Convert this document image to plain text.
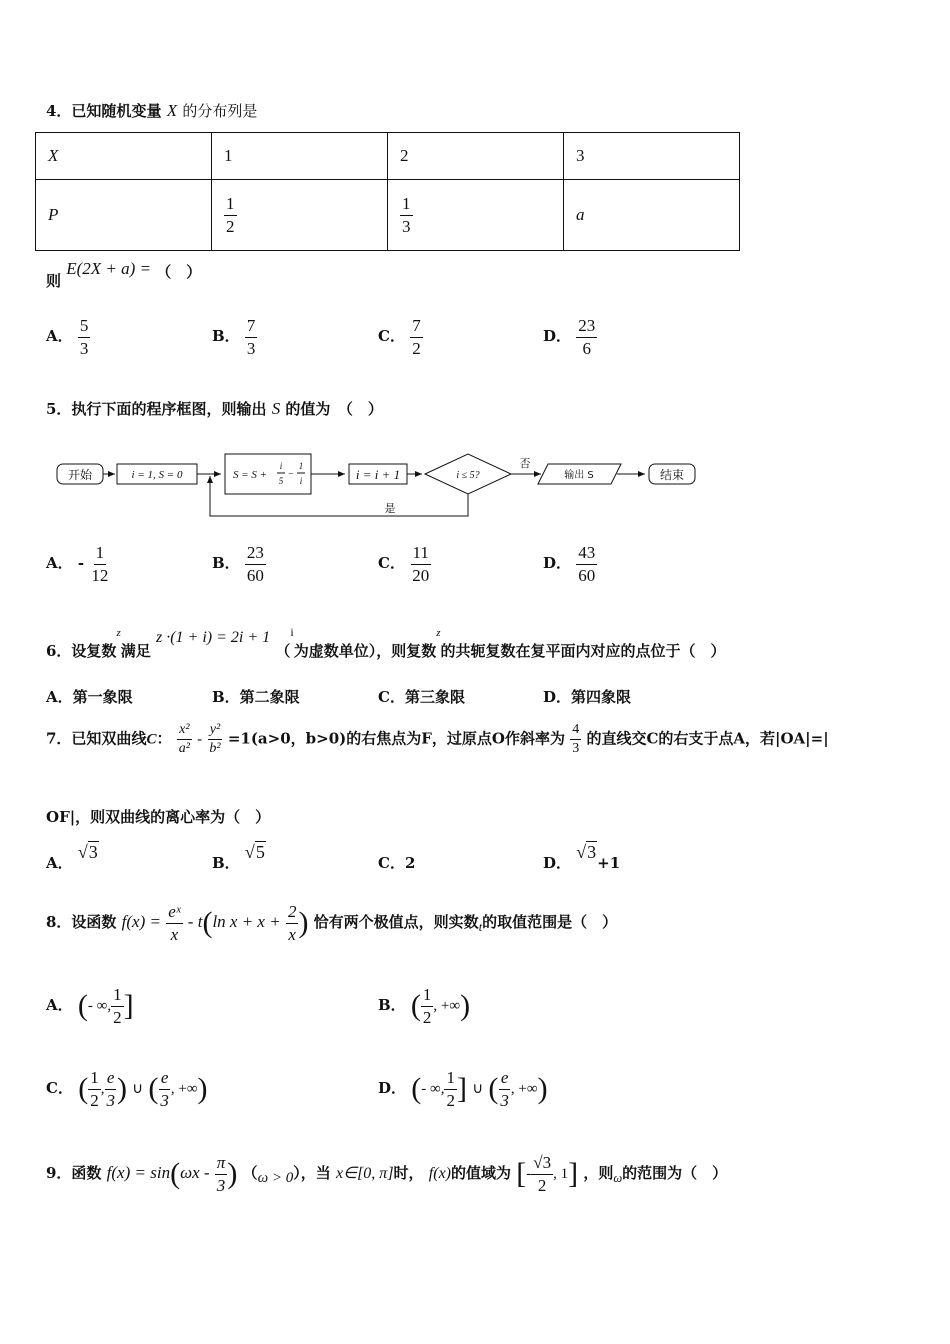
4．已知随机变量 X 的分布列是
X	1	2	3
P	$\frac{1}{2}$	$\frac{1}{3}$	a
则 E(2X + a) = （　）
A． $\frac{5}{3}$	B． $\frac{7}{3}$	C． $\frac{7}{2}$	D． $\frac{23}{6}$
5．执行下面的程序框图，则输出 S 的值为　（　）
开始	i = 1, S = 0	S = S +
i
5
−
1
i	i = i + 1	i ≤ 5?
否
输出 S	结束
是
A． - $\frac{1}{12}$	B． $\frac{23}{60}$	C． $\frac{11}{20}$	D． $\frac{43}{60}$
6．设复数$^z$满足 z ·(1 + i) = 2i + 1 （$^i$为虚数单位），则复数$^z$的共轭复数在复平面内对应的点位于（　）
A．第一象限	B．第二象限	C．第三象限	D．第四象限
7．已知双曲线C： $\frac{\text{x²}}{\text{a²}} - \frac{\text{y²}}{\text{b²}} =1(a>0$，b>0)的右焦点为F，过原点O作斜率为 $\frac{4}{3}$ 的直线交C的右支于点A，若|OA|=|
OF|，则双曲线的离心率为（　）
A． √3
B． √5
C．2	D． √3+1
8．设函数 $f(x) = \frac{\text{eˣ}}{x} - t(\ln$ $x + x + \frac{2}{x}$ ) 恰有两个极值点，则实数$_t$的取值范围是（　）
A． (- ∞, $\frac{1}{2}$ ]	B． ( $\frac{1}{2}$ , +∞)
C． ( $\frac{1}{2}$ , $\frac{e}{3}$ ) ∪ ( $\frac{e}{3}$ , +∞)	D． (- ∞, $\frac{1}{2}$ ] ∪ ( $\frac{e}{3}$ , +∞)
9．函数 $f(x) = \sin(\omega x - \frac{\pi}{3}$ ) $(_{\omega > 0})$，当 x∈[0, π]时， f(x)的值域为 [- $\frac{√3}{2}$ , 1] ，则$_\omega$的范围为（　）
